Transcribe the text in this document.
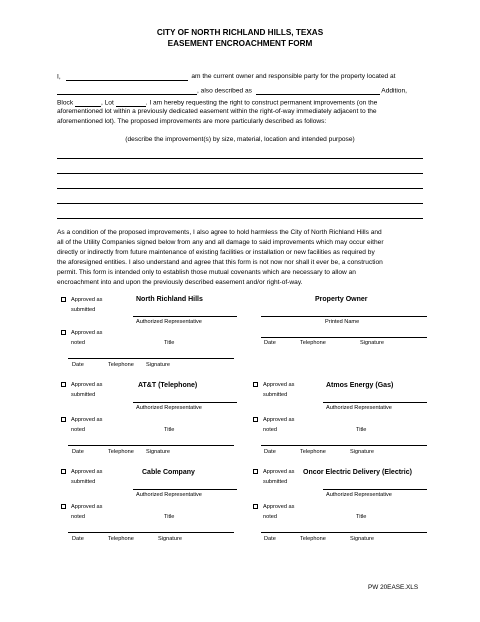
CITY OF NORTH RICHLAND HILLS, TEXAS
EASEMENT ENCROACHMENT FORM
I,	am the current owner and responsible party for the property located at
, also described as	Addition,
Block	, Lot	. I am hereby requesting the right to construct permanent improvements (on the
aforementioned lot within a previously dedicated easement within the right-of-way immediately adjacent to the
aforementioned lot). The proposed improvements are more particularly described as follows:
(describe the improvement(s) by size, material, location and intended purpose)
As a condition of the proposed improvements, I also agree to hold harmless the City of North Richland Hills and
all of the Utility Companies signed below from any and all damage to said improvements which may occur either
directly or indirectly from future maintenance of existing facilities or installation or new facilities as required by
the aforesigned entities. I also understand and agree that this form is not now nor shall it ever be, a construction
permit. This form is intended only to establish those mutual covenants which are necessary to allow an
encroachment into and upon the previously described easement and/or right-of-way.
Approved as
submitted
North Richland Hills
Authorized Representative
Approved as
noted	Title
Date	Telephone Signature
Property Owner
Printed Name
Date	Telephone	Signature
Approved as
submitted
AT&T (Telephone)
Authorized Representative
Approved as
noted	Title
Date	Telephone Signature
Approved as
submitted
Atmos Energy (Gas)
Authorized Representative
Approved as
noted	Title
Date	Telephone	Signature
Approved as
submitted
Cable Company
Authorized Representative
Approved as
noted	Title
Date	Telephone	Signature
Approved as
submitted
Oncor Electric Delivery (Electric)
Authorized Representative
Approved as
noted	Title
Date	Telephone	Signature
PW 20EASE.XLS
